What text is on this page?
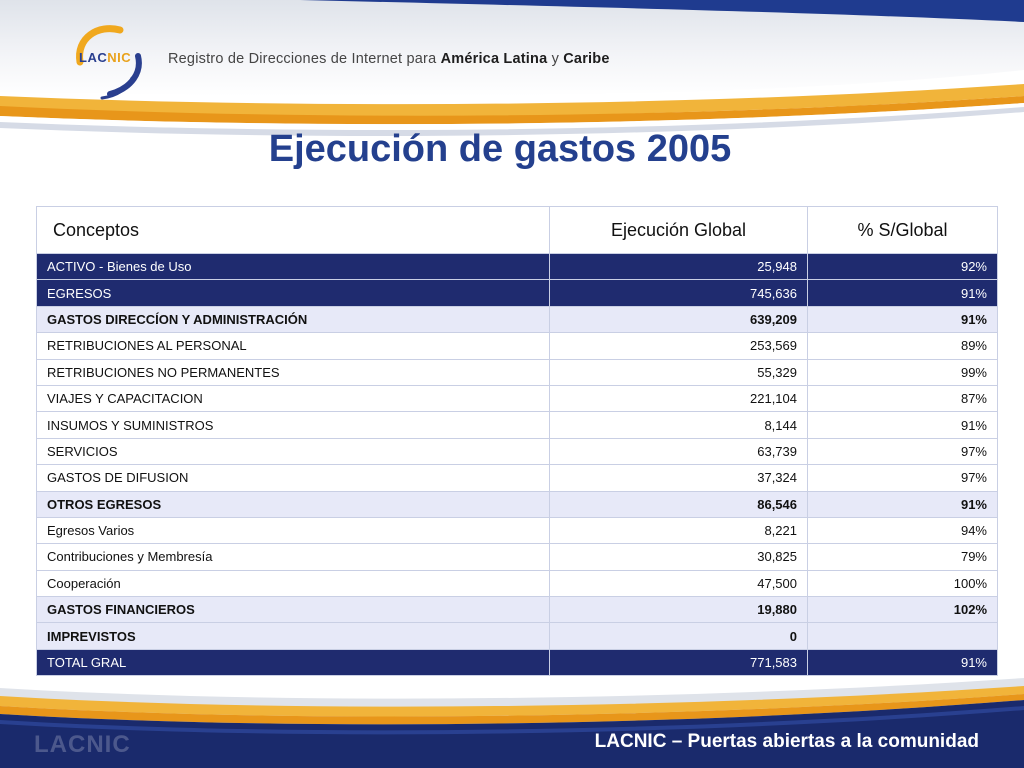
LACNIC	Registro de Direcciones de Internet para América Latina y Caribe
Ejecución de gastos 2005
Conceptos	Ejecución Global	% S/Global
ACTIVO - Bienes de Uso	25,948	92%
EGRESOS	745,636	91%
GASTOS DIRECCÍON Y ADMINISTRACIÓN	639,209	91%
RETRIBUCIONES AL PERSONAL	253,569	89%
RETRIBUCIONES NO PERMANENTES	55,329	99%
VIAJES Y CAPACITACION	221,104	87%
INSUMOS Y SUMINISTROS	8,144	91%
SERVICIOS	63,739	97%
GASTOS DE DIFUSION	37,324	97%
OTROS EGRESOS	86,546	91%
Egresos Varios	8,221	94%
Contribuciones y Membresía	30,825	79%
Cooperación	47,500	100%
GASTOS FINANCIEROS	19,880	102%
IMPREVISTOS	0	
TOTAL GRAL	771,583	91%
LACNIC	LACNIC – Puertas abiertas a la comunidad
